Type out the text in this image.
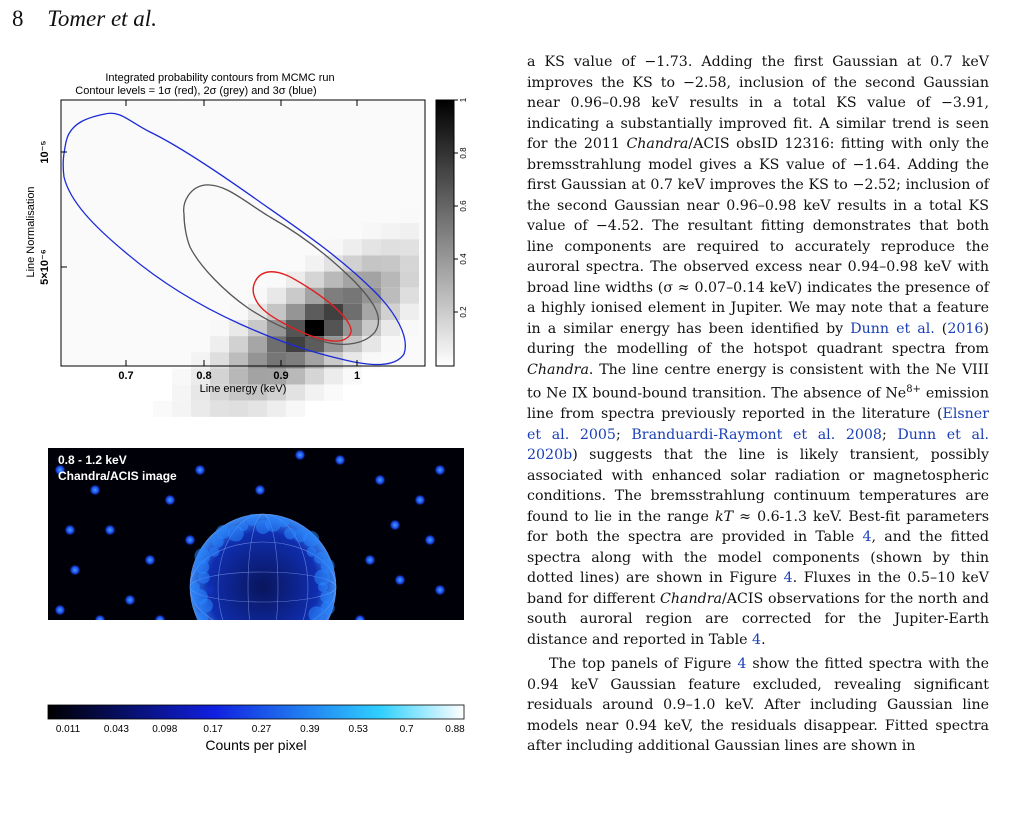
8 Tomer et al.
Integrated probability contours from MCMC run
Contour levels = 1σ (red), 2σ (grey) and 3σ (blue)
0.7	0.8	0.9	1
Line energy (keV)
10⁻⁵
5×10⁻⁶
Line Normalisation
1
0.8
0.6
0.4
0.2
0.8 - 1.2 keV
Chandra/ACIS image
0.011 0.043 0.098	0.17	0.27	0.39	0.53	0.7	0.88
Counts per pixel

a KS value of −1.73. Adding the first Gaussian at 0.7 keV improves the KS to −2.58, inclusion of the second Gaussian near 0.96–0.98 keV results in a total KS value of −3.91, indicating a substantially improved fit. A similar trend is seen for the 2011 Chandra/ACIS obsID 12316: fitting with only the bremsstrahlung model gives a KS value of −1.64. Adding the first Gaussian at 0.7 keV improves the KS to −2.52; inclusion of the second Gaussian near 0.96–0.98 keV results in a total KS value of −4.52. The resultant fitting demonstrates that both line components are required to accurately reproduce the auroral spectra. The observed excess near 0.94–0.98 keV with broad line widths (σ ≈ 0.07–0.14 keV) indicates the presence of a highly ionised element in Jupiter. We may note that a feature in a similar energy has been identified by Dunn et al. (2016) during the modelling of the hotspot quadrant spectra from Chandra. The line centre energy is consistent with the Ne VIII to Ne IX bound-bound transition. The absence of $Ne^{8+}$ emission line from spectra previously reported in the literature (Elsner et al. 2005; Branduardi-Raymont et al. 2008; Dunn et al. 2020b) suggests that the line is likely transient, possibly associated with enhanced solar radiation or magnetospheric conditions. The bremsstrahlung continuum temperatures are found to lie in the range kT ≈ 0.6-1.3 keV. Best-fit parameters for both the spectra are provided in Table 4, and the fitted spectra along with the model components (shown by thin dotted lines) are shown in Figure 4. Fluxes in the 0.5–10 keV band for different Chandra/ACIS observations for the north and south auroral region are corrected for the Jupiter-Earth distance and reported in Table 4.

The top panels of Figure 4 show the fitted spectra with the 0.94 keV Gaussian feature excluded, revealing significant residuals around 0.9–1.0 keV. After including Gaussian line models near 0.94 keV, the residuals disappear. Fitted spectra after including additional Gaussian lines are shown in
